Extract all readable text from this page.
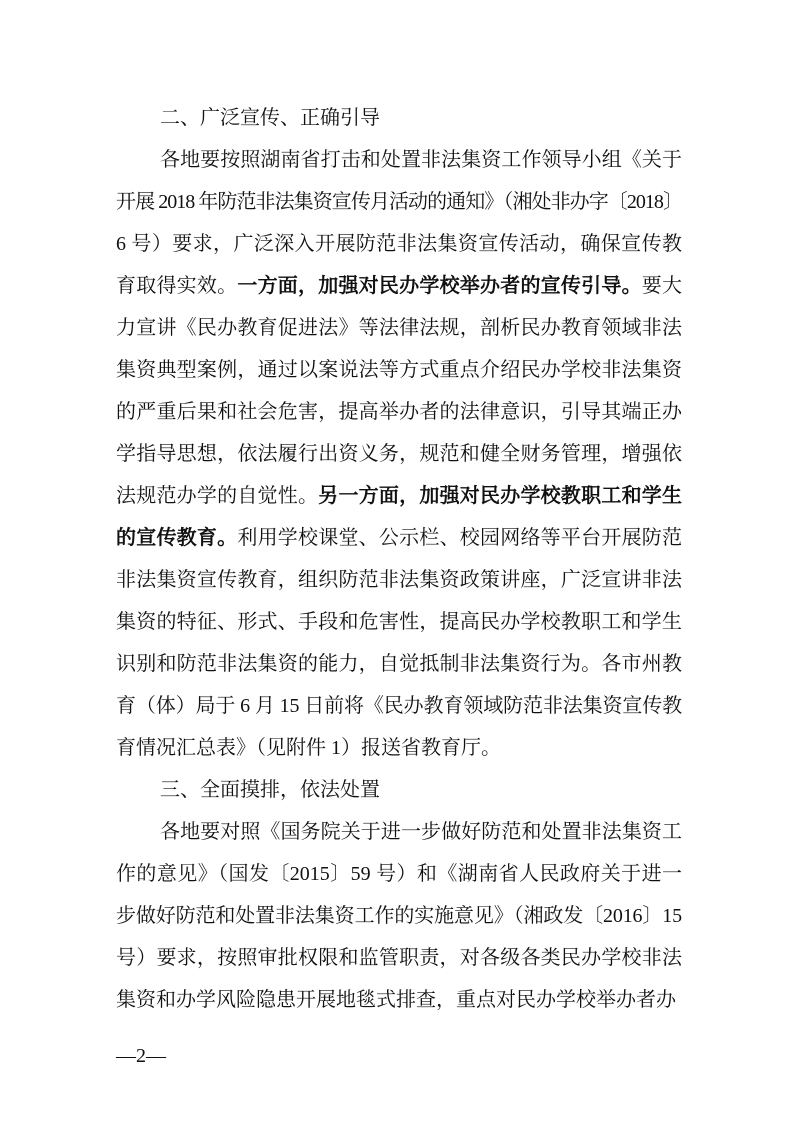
二、广泛宣传、正确引导
各地要按照湖南省打击和处置非法集资工作领导小组《关于
开展 2018 年防范非法集资宣传月活动的通知》（湘处非办字〔2018〕
6 号）要求，广泛深入开展防范非法集资宣传活动，确保宣传教
育取得实效。一方面，加强对民办学校举办者的宣传引导。要大
力宣讲《民办教育促进法》等法律法规，剖析民办教育领域非法
集资典型案例，通过以案说法等方式重点介绍民办学校非法集资
的严重后果和社会危害，提高举办者的法律意识，引导其端正办
学指导思想，依法履行出资义务，规范和健全财务管理，增强依
法规范办学的自觉性。另一方面，加强对民办学校教职工和学生
的宣传教育。利用学校课堂、公示栏、校园网络等平台开展防范
非法集资宣传教育，组织防范非法集资政策讲座，广泛宣讲非法
集资的特征、形式、手段和危害性，提高民办学校教职工和学生
识别和防范非法集资的能力，自觉抵制非法集资行为。各市州教
育（体）局于 6 月 15 日前将《民办教育领域防范非法集资宣传教
育情况汇总表》（见附件 1）报送省教育厅。
三、全面摸排，依法处置
各地要对照《国务院关于进一步做好防范和处置非法集资工
作的意见》（国发〔2015〕59 号）和《湖南省人民政府关于进一
步做好防范和处置非法集资工作的实施意见》（湘政发〔2016〕15
号）要求，按照审批权限和监管职责，对各级各类民办学校非法
集资和办学风险隐患开展地毯式排查，重点对民办学校举办者办
—2—
